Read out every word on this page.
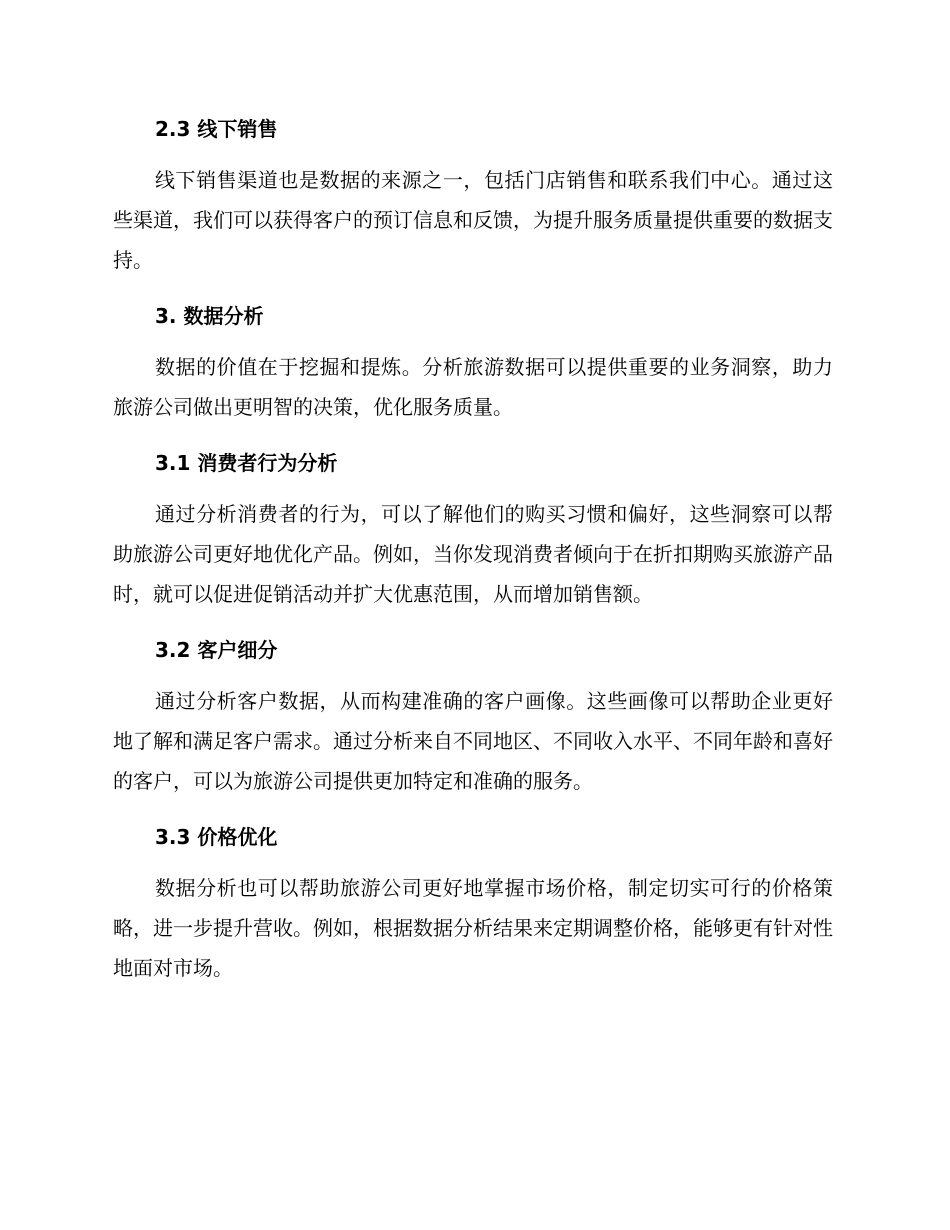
2.3 线下销售

线下销售渠道也是数据的来源之一，包括门店销售和联系我们中心。通过这些渠道，我们可以获得客户的预订信息和反馈，为提升服务质量提供重要的数据支持。

3. 数据分析

数据的价值在于挖掘和提炼。分析旅游数据可以提供重要的业务洞察，助力旅游公司做出更明智的决策，优化服务质量。

3.1 消费者行为分析

通过分析消费者的行为，可以了解他们的购买习惯和偏好，这些洞察可以帮助旅游公司更好地优化产品。例如，当你发现消费者倾向于在折扣期购买旅游产品时，就可以促进促销活动并扩大优惠范围，从而增加销售额。

3.2 客户细分

通过分析客户数据，从而构建准确的客户画像。这些画像可以帮助企业更好地了解和满足客户需求。通过分析来自不同地区、不同收入水平、不同年龄和喜好的客户，可以为旅游公司提供更加特定和准确的服务。

3.3 价格优化

数据分析也可以帮助旅游公司更好地掌握市场价格，制定切实可行的价格策略，进一步提升营收。例如，根据数据分析结果来定期调整价格，能够更有针对性地面对市场。
